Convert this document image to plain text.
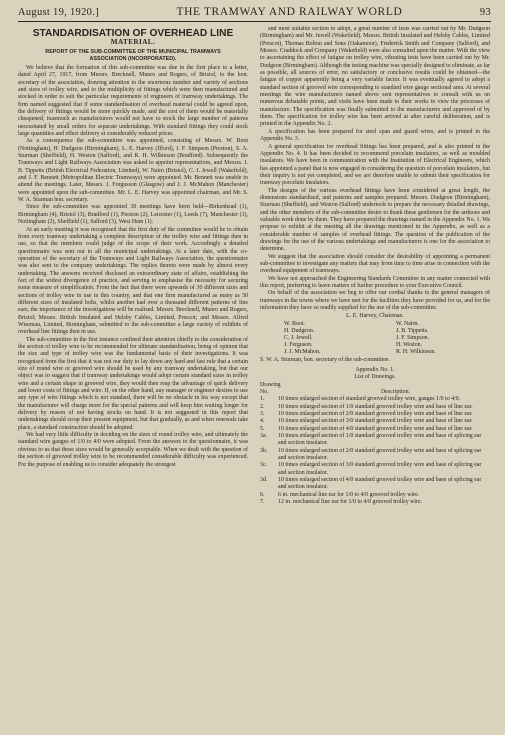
August 19, 1920.]	THE TRAMWAY AND RAILWAY WORLD	93
STANDARDISATION OF OVERHEAD LINE
MATERIAL.
REPORT OF THE SUB-COMMITTEE OF THE MUNICIPAL TRAMWAYS
ASSOCIATION (INCORPORATED).

We believe that the formation of this sub-committee was due in the first place to a letter, dated April 27, 1917, from Messrs. Brecknell, Munro and Rogers, of Bristol, to the hon. secretary of the association, drawing attention to the enormous number and variety of sections and sizes of trolley wire, and to the multiplicity of fittings which were then manufactured and stocked in order to suit the particular requirements of engineers of tramway undertakings. The firm named suggested that if some standardisation of overhead material could be agreed upon, the delivery of fittings would be more quickly made, and the cost of them would be materially cheapened, inasmuch as manufacturers would not have to stock the large number of patterns necessitated by small orders for separate undertakings. With standard fittings they could stock large quantities and effect delivery at considerably reduced prices.

As a consequence the sub-committee was appointed, consisting of Messrs. W. Boot (Nottingham), H. Dudgeon (Birmingham), L. E. Harvey (Ilford), J. F. Simpson (Preston), S. A. Sturman (Sheffield), H. Weston (Salford), and R. H. Wilkinson (Bradford). Subsequently the Tramways and Light Railways Association was asked to appoint representatives, and Messrs. J. B. Tippetts (British Electrical Federation, Limited), W. Nairn (Bristol), C. J. Jewell (Wakefield), and J. F. Bennett (Metropolitan Electric Tramways) were appointed. Mr. Bennett was unable to attend the meetings. Later, Messrs. J. Forgusson (Glasgow) and J. J. McMahon (Manchester) were appointed upon the sub-committee. Mr. L. E. Harvey was appointed chairman, and Mr. S. W. A. Sturman hon. secretary.

Since the sub-committee was appointed 30 meetings have been held—Birkenhead (1), Birmingham (4), Bristol (3), Bradford (1), Preston (2), Leicester (1), Leeds (7), Manchester (1), Nottingham (2), Sheffield (1), Salford (3), West Ham (1).

At an early meeting it was recognised that the first duty of the committee would be to obtain from every tramway undertaking a complete description of the trolley wire and fittings then in use, so that the members could judge of the scope of their work. Accordingly a detailed questionnaire was sent out to all the municipal undertakings. At a later date, with the co-operation of the secretary of the Tramways and Light Railways Association, the questionnaire was also sent to the company undertakings. The replies thereto were made by almost every undertaking. The answers received disclosed an extraordinary state of affairs, establishing the fact of the widest divergence of practice, and serving to emphasise the necessity for securing some measure of simplification. From the fact that there were upwards of 30 different sizes and sections of trolley wire in use in this country, and that one firm manufactured as many as 50 different sizes of insulated bolts, whilst another had over a thousand different patterns of line ears, the importance of the investigations will be realised. Messrs. Brecknell, Munro and Rogers, Bristol; Messrs. British Insulated and Helsby Cables, Limited, Prescot; and Messrs. Alfred Wiseman, Limited, Birmingham, submitted to the sub-committee a large variety of exhibits of overhead line fittings then in use.

The sub-committee in the first instance confined their attention chiefly to the consideration of the section of trolley wire to be recommended for ultimate standardisation, being of opinion that the size and type of trolley wire was the fundamental basis of their investigations. It was recognised from the first that it was not our duty to lay down any hard and fast rule that a certain size of round wire or grooved wire should be used by any tramway undertaking, but that our object was to suggest that if tramway undertakings would adopt certain standard sizes in trolley wire and a certain shape in grooved wire, they would then reap the advantage of quick delivery and lower costs of fittings and wire. If, on the other hand, any manager or engineer desires to use any type of wire fittings which is not standard, there will be no obstacle in his way except that the manufacturer will charge more for the special patterns and will keep him waiting longer for delivery by reason of not having stocks on hand. It is not suggested in this report that undertakings should scrap their present equipment, but that gradually, as and when renewals take place, a standard construction should be adopted.

We had very little difficulty in deciding on the sizes of round trolley wire, and ultimately the standard wire gauges of 1/0 to 4/0 were adopted. From the answers to the questionnaire, it was obvious to us that these sizes would be generally acceptable. When we dealt with the question of the section of grooved trolley wire to be recommended considerable difficulty was experienced. For the purpose of enabling us to consider adequately the strongest

and most suitable section to adopt, a great number of tests was carried out by Mr. Dudgeon (Birmingham) and Mr. Jewell (Wakefield). Messrs. British Insulated and Helsby Cables, Limited (Prescot), Thomas Bolton and Sons (Oakamoor), Frederick Smith and Company (Salford), and Messrs. Craddock and Company (Wakefield) were also consulted upon the matter. With the view to ascertaining the effect of fatigue on trolley wire, vibrating tests have been carried out by Mr. Dudgeon (Birmingham). Although the testing machine was specially designed to eliminate, as far as possible, all sources of error, no satisfactory or conclusive results could be obtained—the fatigue of copper apparently being a very variable factor. It was eventually agreed to adopt a standard section of grooved wire corresponding to standard wire gauge sectional area. At several meetings the wire manufacturers named above sent representatives to consult with us on numerous debatable points, and visits have been made to their works to view the processes of manufacture. The specification was finally submitted to the manufacturers and approved of by them. The specification for trolley wire has been arrived at after careful deliberation, and is printed in the Appendix No. 2.

A specification has been prepared for steel span and guard wires, and is printed in the Appendix No. 3.

A general specification for overhead fittings has been prepared, and is also printed in the Appendix No. 4. It has been decided to recommend porcelain insulators, as well as moulded insulators. We have been in communication with the Institution of Electrical Engineers, which has appointed a panel that is now engaged in considering the question of porcelain insulators, but their inquiry is not yet completed, and we are therefore unable to submit their specification for tramway porcelain insulators.

The designs of the various overhead fittings have been considered at great length, the dimensions standardised, and patterns and samples prepared. Messrs. Dudgeon (Birmingham), Sturman (Sheffield), and Weston (Salford) undertook to prepare the necessary detailed drawings, and the other members of the sub-committee desire to thank these gentlemen for the arduous and valuable work done by them. They have prepared the drawings named in the Appendix No. 1. We propose to exhibit at the meeting all the drawings mentioned in the Appendix, as well as a considerable number of samples of overhead fittings. The question of the publication of the drawings for the use of the various undertakings and manufacturers is one for the association to determine.

We suggest that the association should consider the desirability of appointing a permanent sub-committee to investigate any matters that may from time to time arise in connection with the overhead equipment of tramways.

We have not approached the Engineering Standards Committee in any matter connected with this report, preferring to leave matters of further procedure to your Executive Council.

On behalf of the association we beg to offer our cordial thanks to the general managers of tramways in the towns where we have met for the facilities they have provided for us, and for the information they have so readily supplied for the use of the sub-committee.

L. E. Harvey, Chairman.
W. Boot.	W. Nairn.
H. Dudgeon.	J. B. Tippetts.
C. J. Jewell.	J. F. Simpson.
J. Ferguson.	H. Weston.
J. J. McMahon.	R. H. Wilkinson.

S. W. A. Sturman, hon. secretary of the sub-committee.

Appendix No. 1.
List of Drawings.
Drawing
No.	Description.
1.	10 times enlarged section of standard grooved trolley wire, gauges 1/0 to 4/0.
2.	10 times enlarged section of 1/0 standard grooved trolley wire and base of line ear.
3.	10 times enlarged section of 2/0 standard grooved trolley wire and base of line ear.
4.	10 times enlarged section of 3/0 standard grooved trolley wire and base of line ear.
5.	10 times enlarged section of 4/0 standard grooved trolley wire and base of line ear.
3a.	10 times enlarged section of 1/0 standard grooved trolley wire and base of splicing ear and section insulator.
3b.	10 times enlarged section of 2/0 standard grooved trolley wire and base of splicing ear and section insulator.
3c.	10 times enlarged section of 3/0 standard grooved trolley wire and base of splicing ear and section insulator.
3d.	10 times enlarged section of 4/0 standard grooved trolley wire and base of splicing ear and section insulator.
6.	6 in. mechanical line ear for 1/0 to 4/0 grooved trolley wire.
7.	12 in. mechanical line ear for 1/0 to 4/0 grooved trolley wire.
